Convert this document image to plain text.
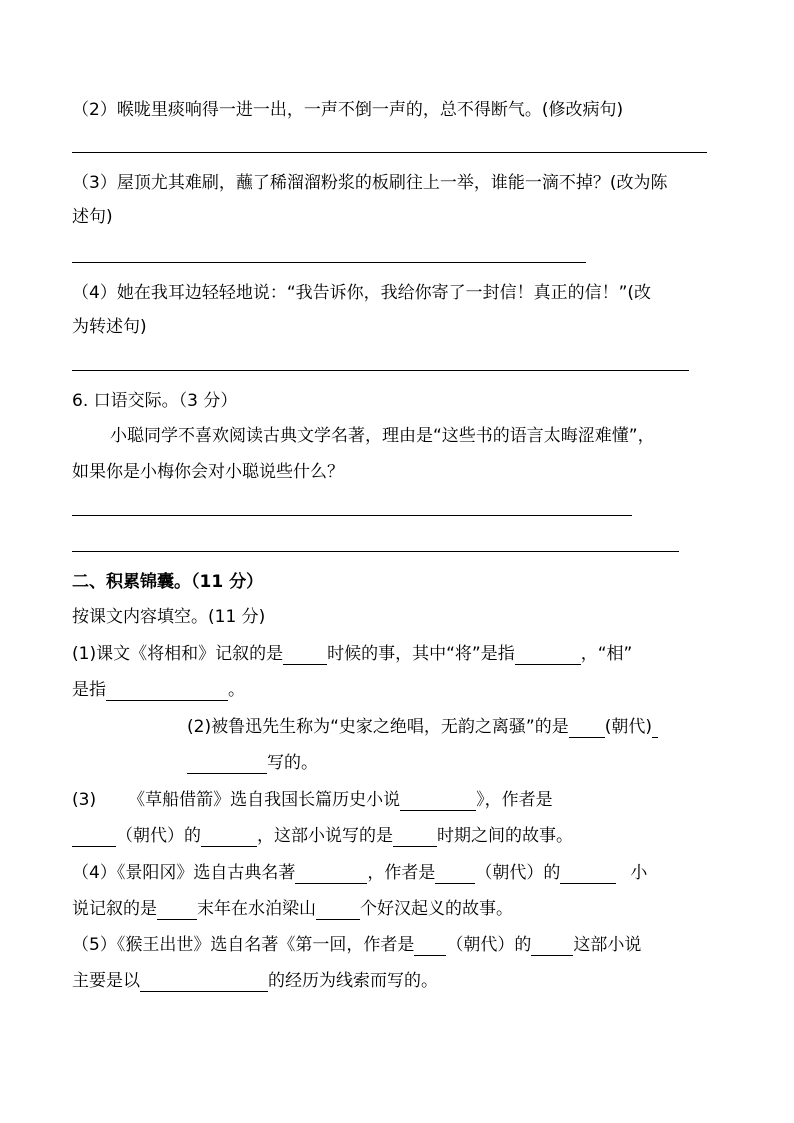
（2）喉咙里痰响得一进一出，一声不倒一声的，总不得断气。(修改病句)
（3）屋顶尤其难刷，蘸了稀溜溜粉浆的板刷往上一举，谁能一滴不掉？(改为陈
述句)
（4）她在我耳边轻轻地说：“我告诉你，我给你寄了一封信！真正的信！”(改
为转述句)
6. 口语交际。（3 分）
小聪同学不喜欢阅读古典文学名著，理由是“这些书的语言太晦涩难懂”，
如果你是小梅你会对小聪说些什么？
二、积累锦囊。（11 分）
按课文内容填空。(11 分)
(1)课文《将相和》记叙的是	时候的事，其中“将”是指	，“相”
是指	。
(2)被鲁迅先生称为“史家之绝唱，无韵之离骚”的是 (朝代)
写的。
(3) 《草船借箭》选自我国长篇历史小说	》，作者是
（朝代）的	，这部小说写的是	时期之间的故事。
（4）《景阳冈》选自古典名著	，作者是 （朝代）的	小
说记叙的是 末年在水泊梁山	个好汉起义的故事。
（5）《猴王出世》选自名著《第一回，作者是 （朝代）的 这部小说
主要是以	的经历为线索而写的。
